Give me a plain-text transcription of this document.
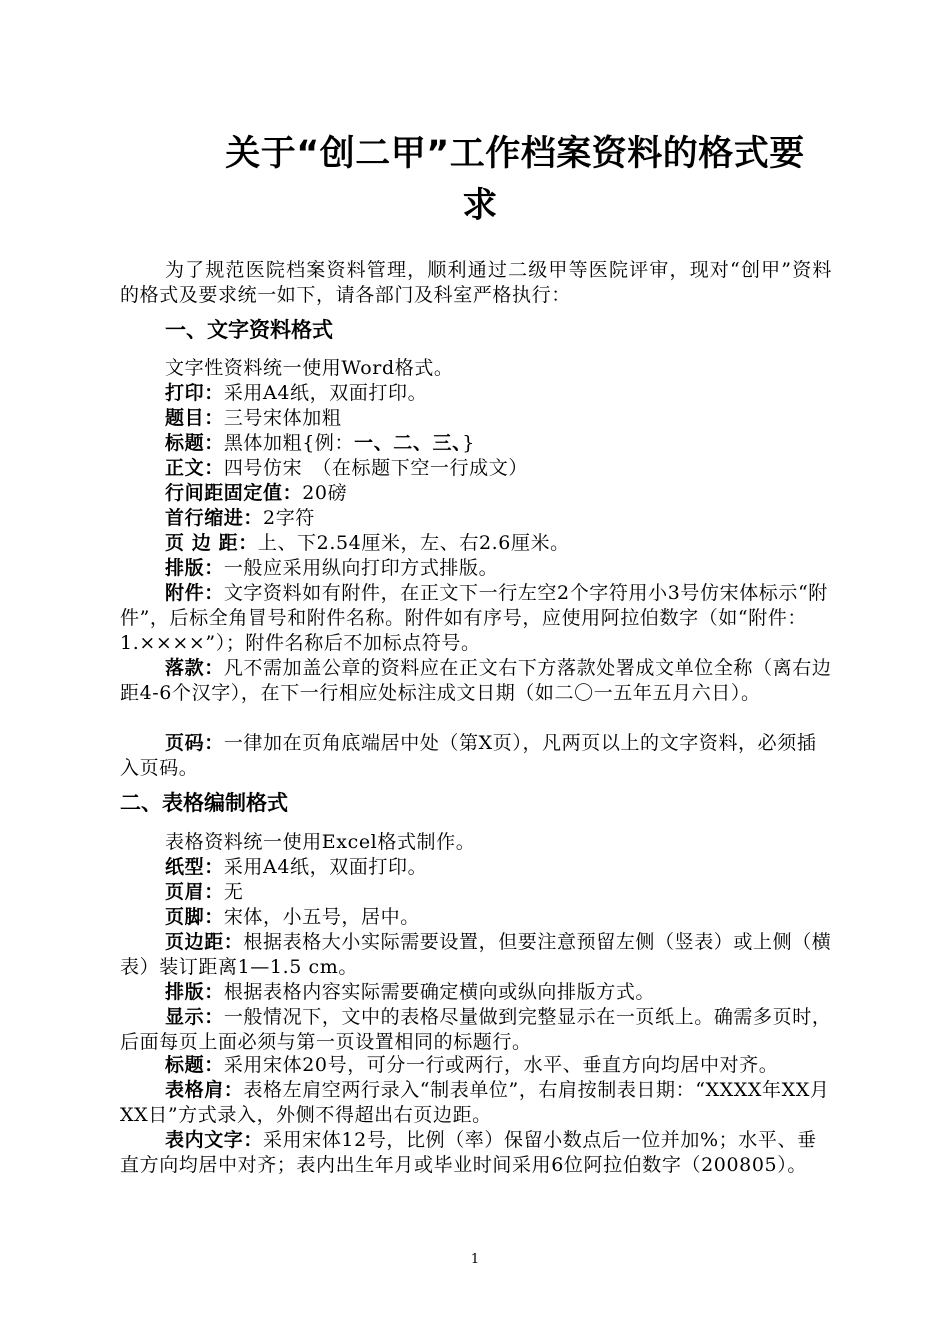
关于“创二甲”工作档案资料的格式要
求
为了规范医院档案资料管理，顺利通过二级甲等医院评审，现对“创甲”资料的格式及要求统一如下，请各部门及科室严格执行：
一、文字资料格式
文字性资料统一使用Word格式。
打印：采用A4纸，双面打印。
题目：三号宋体加粗
标题：黑体加粗{例：一、二、三、}
正文：四号仿宋　（在标题下空一行成文）
行间距固定值：20磅
首行缩进：2字符
页 边 距：上、下2.54厘米，左、右2.6厘米。
排版：一般应采用纵向打印方式排版。
附件：文字资料如有附件，在正文下一行左空2个字符用小3号仿宋体标示“附件”，后标全角冒号和附件名称。附件如有序号，应使用阿拉伯数字（如“附件：1.××××”）；附件名称后不加标点符号。
落款：凡不需加盖公章的资料应在正文右下方落款处署成文单位全称（离右边距4-6个汉字），在下一行相应处标注成文日期（如二〇一五年五月六日）。
页码：一律加在页角底端居中处（第X页），凡两页以上的文字资料，必须插入页码。
二、表格编制格式
表格资料统一使用Excel格式制作。
纸型：采用A4纸，双面打印。
页眉：无
页脚：宋体，小五号，居中。
页边距：根据表格大小实际需要设置，但要注意预留左侧（竖表）或上侧（横表）装订距离1—1.5 cm。
排版：根据表格内容实际需要确定横向或纵向排版方式。
显示：一般情况下，文中的表格尽量做到完整显示在一页纸上。确需多页时，后面每页上面必须与第一页设置相同的标题行。
标题：采用宋体20号，可分一行或两行，水平、垂直方向均居中对齐。
表格肩：表格左肩空两行录入“制表单位”，右肩按制表日期：“XXXX年XX月XX日”方式录入，外侧不得超出右页边距。
表内文字：采用宋体12号，比例（率）保留小数点后一位并加%；水平、垂直方向均居中对齐；表内出生年月或毕业时间采用6位阿拉伯数字（200805）。
1
